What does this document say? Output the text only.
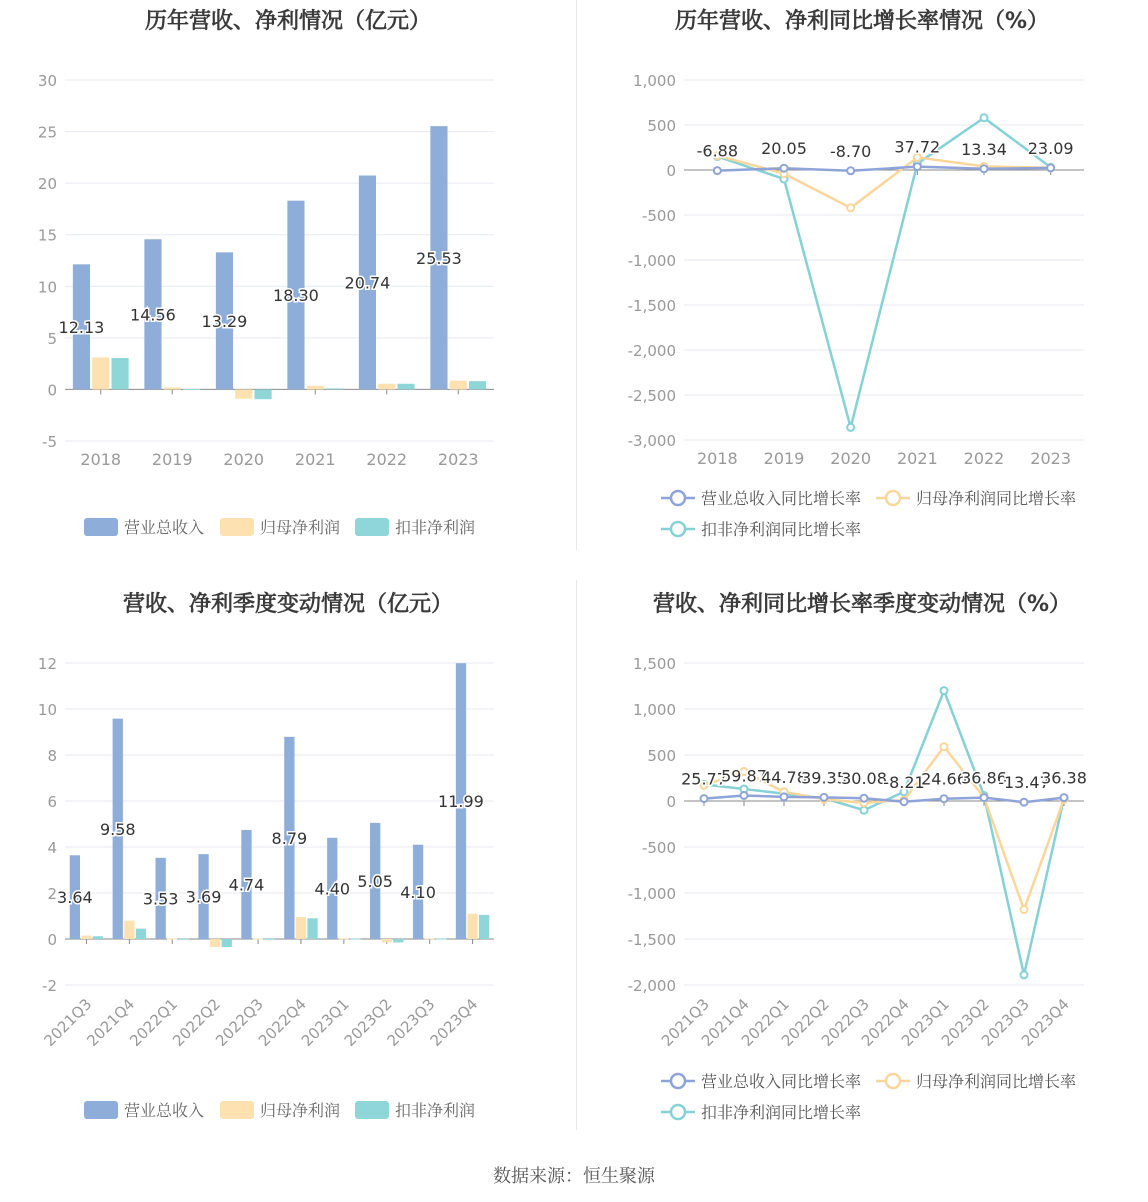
历年营收、净利情况（亿元）
30
25
20
15
10
5
0
-5
2018 2019 2020 2021 2022 2023
12.13
14.56 13.29
18.30
20.74
25.53
营业总收入	归母净利润	扣非净利润
历年营收、净利同比增长率情况（%）
1,000
500
0
-500
-1,000
-1,500
-2,000
-2,500
-3,000
2018 2019 2020 2021 2022 2023
-6.88 20.05 -8.70 37.72 13.34 23.09
营业总收入同比增长率	归母净利润同比增长率
扣非净利润同比增长率
营收、净利季度变动情况（亿元）
12
10
8
6
4
2
0
-2
2021Q3
2021Q4
2022Q1
2022Q2
2022Q3
2022Q4
2023Q1
2023Q2
2023Q3
2023Q4
3.64
9.58
3.53 3.69
4.74
8.79
4.40 5.05
4.10
11.99
营业总收入	归母净利润	扣非净利润
营收、净利同比增长率季度变动情况（%）
1,500
1,000
500
0
-500
-1,000
-1,500
-2,000
2021Q3
2021Q4
2022Q1
2022Q2
2022Q3
2022Q4
2023Q1
2023Q2
2023Q3
2023Q4
25.77
59.87
44.78
39.35
30.08
-8.21
24.66
36.86
-13.47
36.38
营业总收入同比增长率	归母净利润同比增长率
扣非净利润同比增长率
数据来源：恒生聚源
